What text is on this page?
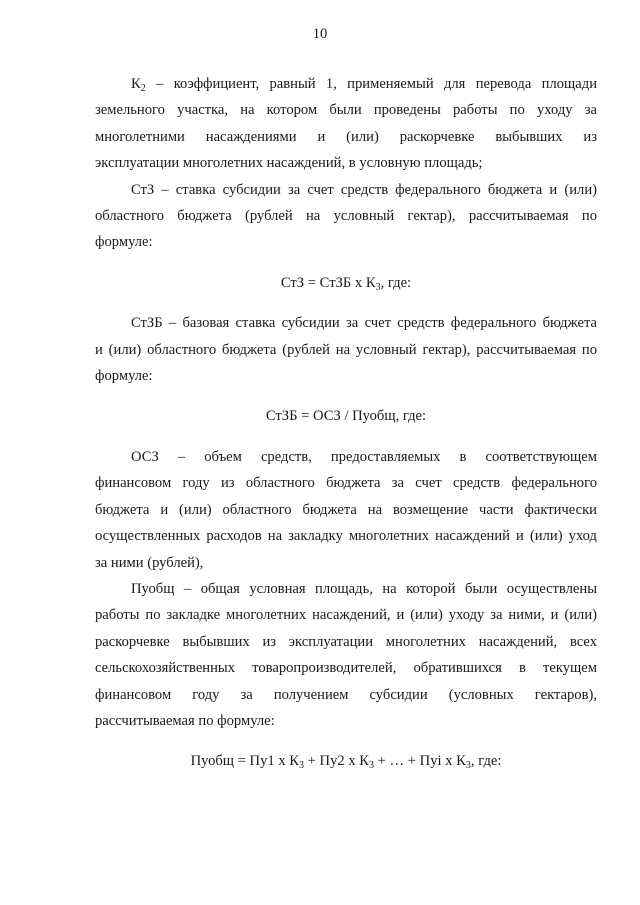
10
$К_2$ – коэффициент, равный 1, применяемый для перевода площади
земельного участка, на котором были проведены работы по уходу за
многолетними насаждениями и (или) раскорчевке выбывших из
эксплуатации многолетних насаждений, в условную площадь;
СтЗ – ставка субсидии за счет средств федерального бюджета и (или)
областного бюджета (рублей на условный гектар), рассчитываемая по
формуле:
СтЗ = СтЗБ х $К_3$, где:
СтЗБ – базовая ставка субсидии за счет средств федерального бюджета
и (или) областного бюджета (рублей на условный гектар), рассчитываемая по
формуле:
СтЗБ = ОСЗ / Пуобщ, где:
ОСЗ – объем средств, предоставляемых в соответствующем
финансовом году из областного бюджета за счет средств федерального
бюджета и (или) областного бюджета на возмещение части фактически
осуществленных расходов на закладку многолетних насаждений и (или) уход
за ними (рублей),
Пуобщ – общая условная площадь, на которой были осуществлены
работы по закладке многолетних насаждений, и (или) уходу за ними, и (или)
раскорчевке выбывших из эксплуатации многолетних насаждений, всех
сельскохозяйственных товаропроизводителей, обратившихся в текущем
финансовом году за получением субсидии (условных гектаров),
рассчитываемая по формуле:
Пуобщ = Пу1 х $К_3 + Пу2$ х $К_3$ + … + Пуi х $К_3$, где:
